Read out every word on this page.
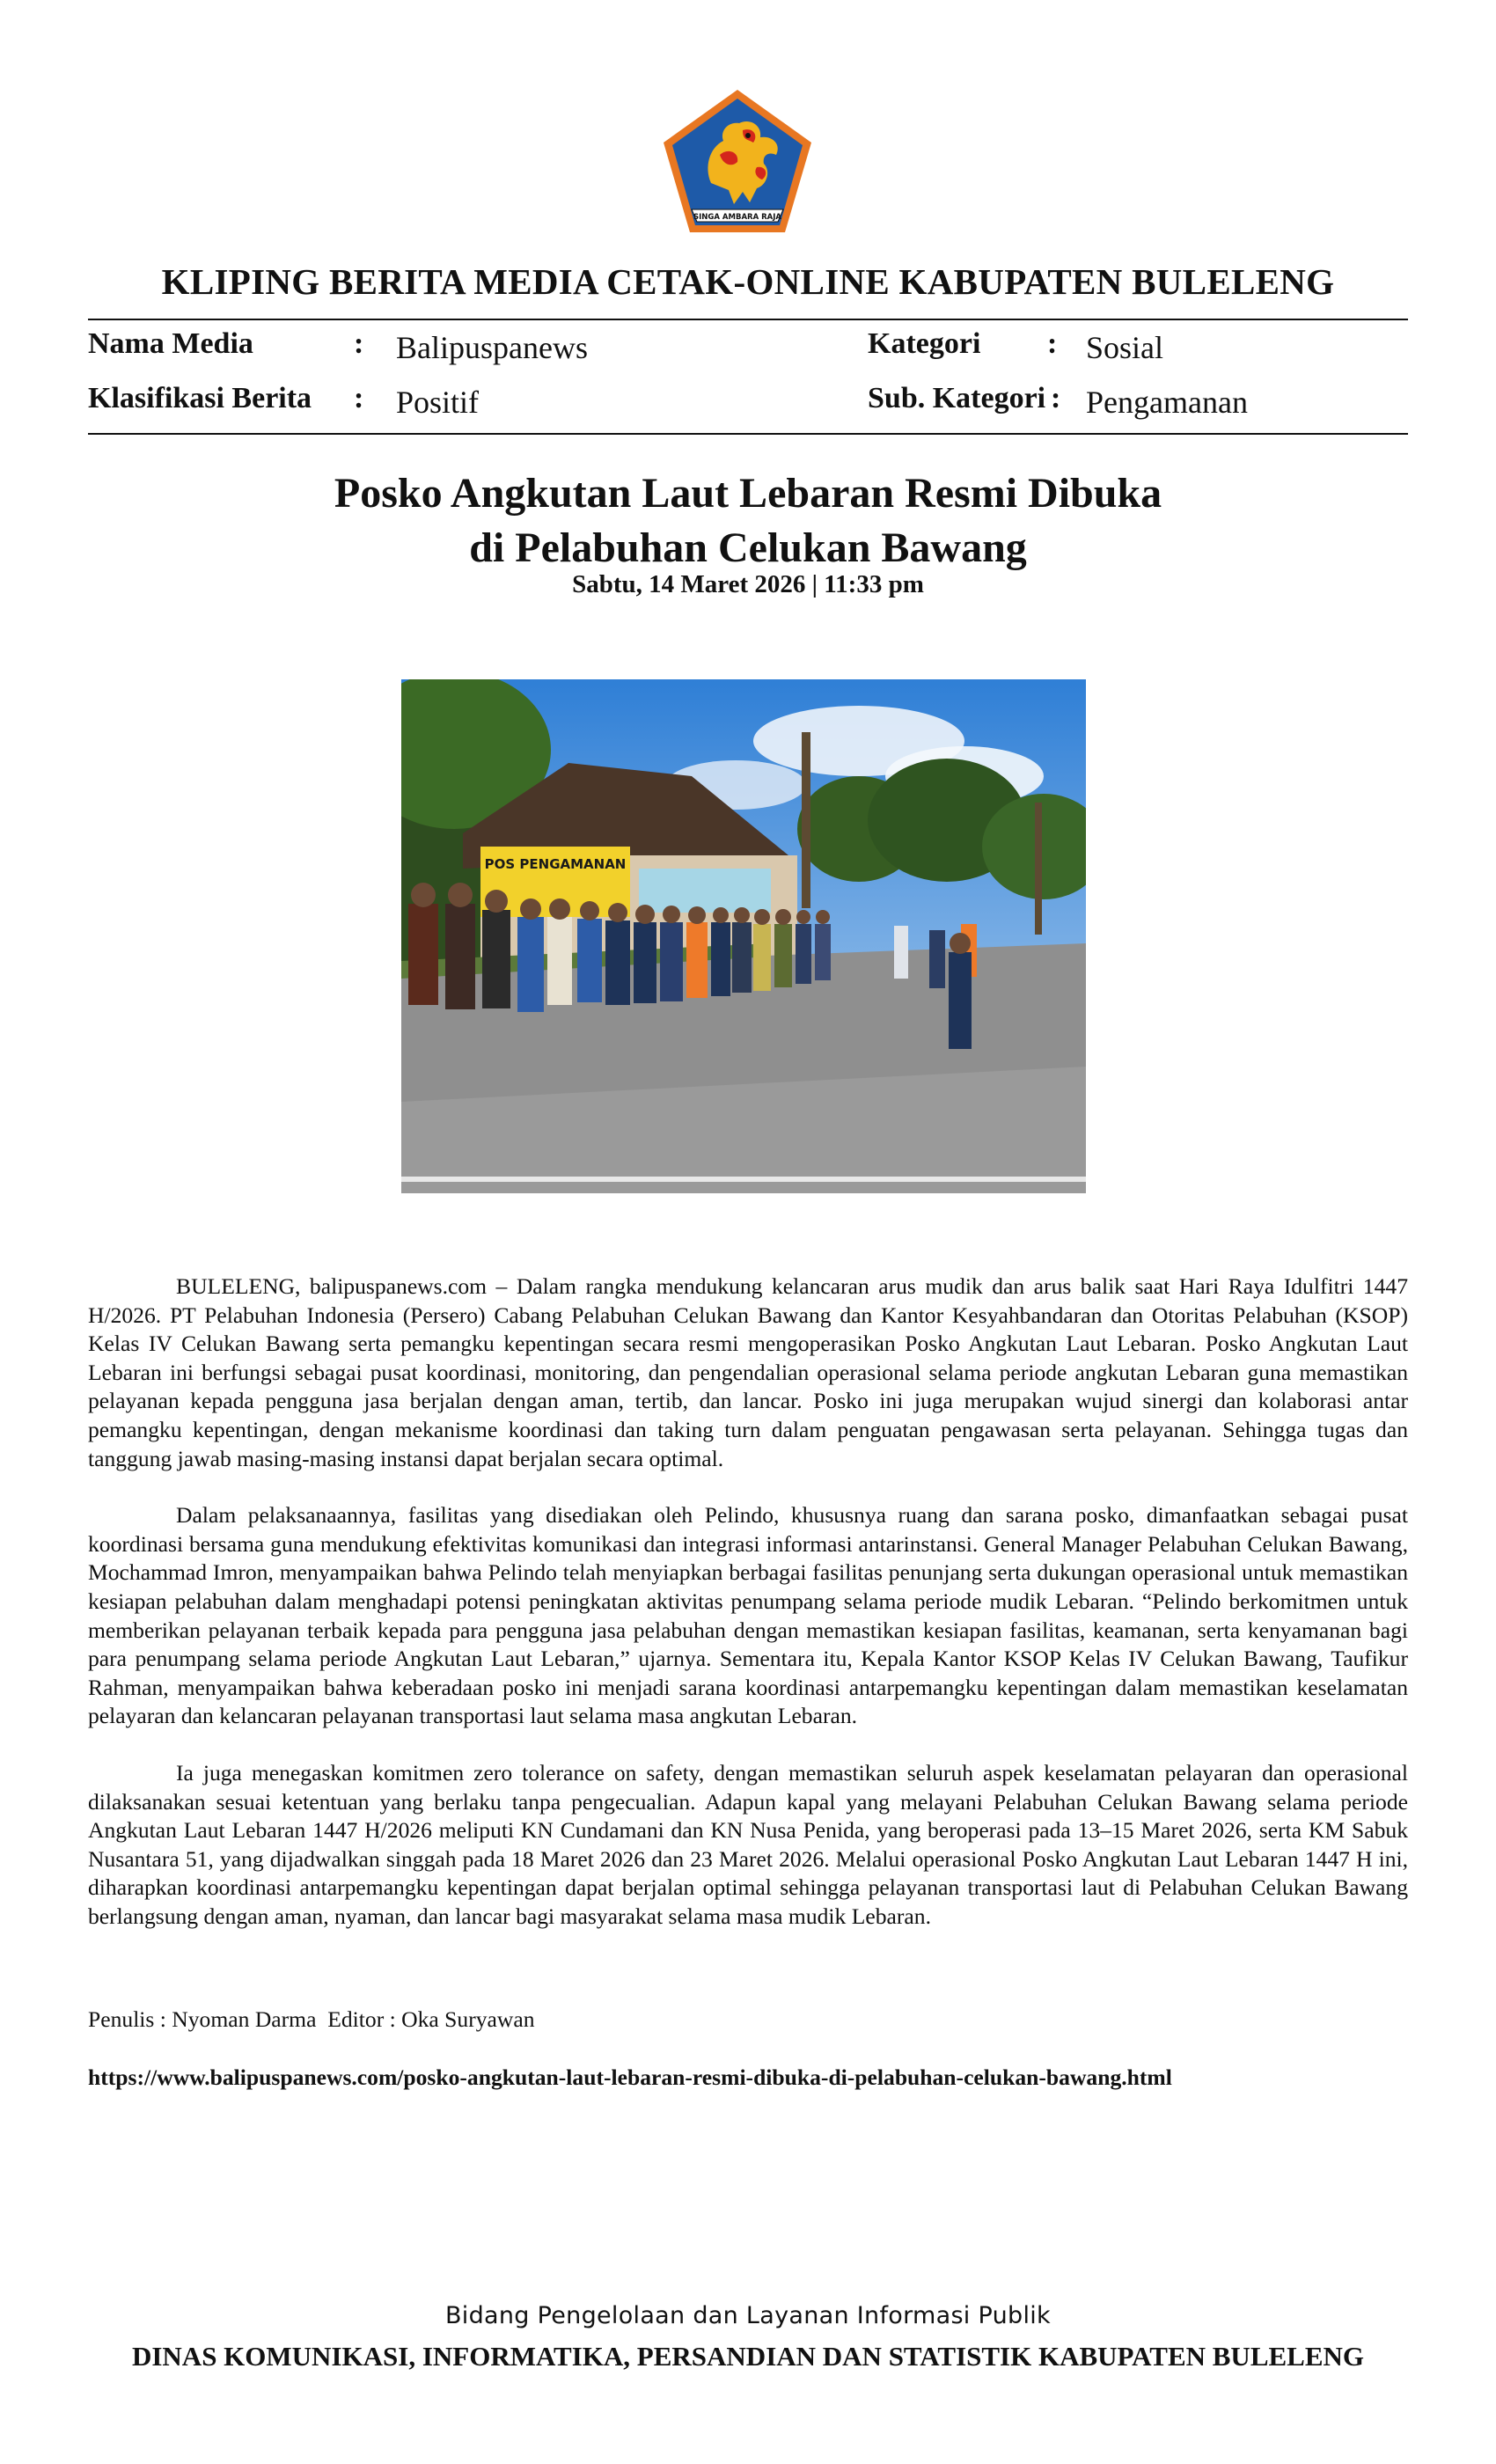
SINGA AMBARA RAJA
KLIPING BERITA MEDIA CETAK-ONLINE KABUPATEN BULELENG
Nama Media	: Balipuspanews
Klasifikasi Berita : Positif
Kategori : Sosial
Sub. Kategori : Pengamanan
Posko Angkutan Laut Lebaran Resmi Dibuka
di Pelabuhan Celukan Bawang
Sabtu, 14 Maret 2026 | 11:33 pm
POS PENGAMANAN

BULELENG, balipuspanews.com – Dalam rangka mendukung kelancaran arus mudik dan arus balik saat Hari Raya Idulfitri 1447 H/2026. PT Pelabuhan Indonesia (Persero) Cabang Pelabuhan Celukan Bawang dan Kantor Kesyahbandaran dan Otoritas Pelabuhan (KSOP) Kelas IV Celukan Bawang serta pemangku kepentingan secara resmi mengoperasikan Posko Angkutan Laut Lebaran. Posko Angkutan Laut Lebaran ini berfungsi sebagai pusat koordinasi, monitoring, dan pengendalian operasional selama periode angkutan Lebaran guna memastikan pelayanan kepada pengguna jasa berjalan dengan aman, tertib, dan lancar. Posko ini juga merupakan wujud sinergi dan kolaborasi antar pemangku kepentingan, dengan mekanisme koordinasi dan taking turn dalam penguatan pengawasan serta pelayanan. Sehingga tugas dan tanggung jawab masing-masing instansi dapat berjalan secara optimal.

Dalam pelaksanaannya, fasilitas yang disediakan oleh Pelindo, khususnya ruang dan sarana posko, dimanfaatkan sebagai pusat koordinasi bersama guna mendukung efektivitas komunikasi dan integrasi informasi antarinstansi. General Manager Pelabuhan Celukan Bawang, Mochammad Imron, menyampaikan bahwa Pelindo telah menyiapkan berbagai fasilitas penunjang serta dukungan operasional untuk memastikan kesiapan pelabuhan dalam menghadapi potensi peningkatan aktivitas penumpang selama periode mudik Lebaran. “Pelindo berkomitmen untuk memberikan pelayanan terbaik kepada para pengguna jasa pelabuhan dengan memastikan kesiapan fasilitas, keamanan, serta kenyamanan bagi para penumpang selama periode Angkutan Laut Lebaran,” ujarnya. Sementara itu, Kepala Kantor KSOP Kelas IV Celukan Bawang, Taufikur Rahman, menyampaikan bahwa keberadaan posko ini menjadi sarana koordinasi antarpemangku kepentingan dalam memastikan keselamatan pelayaran dan kelancaran pelayanan transportasi laut selama masa angkutan Lebaran.

Ia juga menegaskan komitmen zero tolerance on safety, dengan memastikan seluruh aspek keselamatan pelayaran dan operasional dilaksanakan sesuai ketentuan yang berlaku tanpa pengecualian. Adapun kapal yang melayani Pelabuhan Celukan Bawang selama periode Angkutan Laut Lebaran 1447 H/2026 meliputi KN Cundamani dan KN Nusa Penida, yang beroperasi pada 13–15 Maret 2026, serta KM Sabuk Nusantara 51, yang dijadwalkan singgah pada 18 Maret 2026 dan 23 Maret 2026. Melalui operasional Posko Angkutan Laut Lebaran 1447 H ini, diharapkan koordinasi antarpemangku kepentingan dapat berjalan optimal sehingga pelayanan transportasi laut di Pelabuhan Celukan Bawang berlangsung dengan aman, nyaman, dan lancar bagi masyarakat selama masa mudik Lebaran.

Penulis : Nyoman Darma  Editor : Oka Suryawan
https://www.balipuspanews.com/posko-angkutan-laut-lebaran-resmi-dibuka-di-pelabuhan-celukan-bawang.html
Bidang Pengelolaan dan Layanan Informasi Publik
DINAS KOMUNIKASI, INFORMATIKA, PERSANDIAN DAN STATISTIK KABUPATEN BULELENG
